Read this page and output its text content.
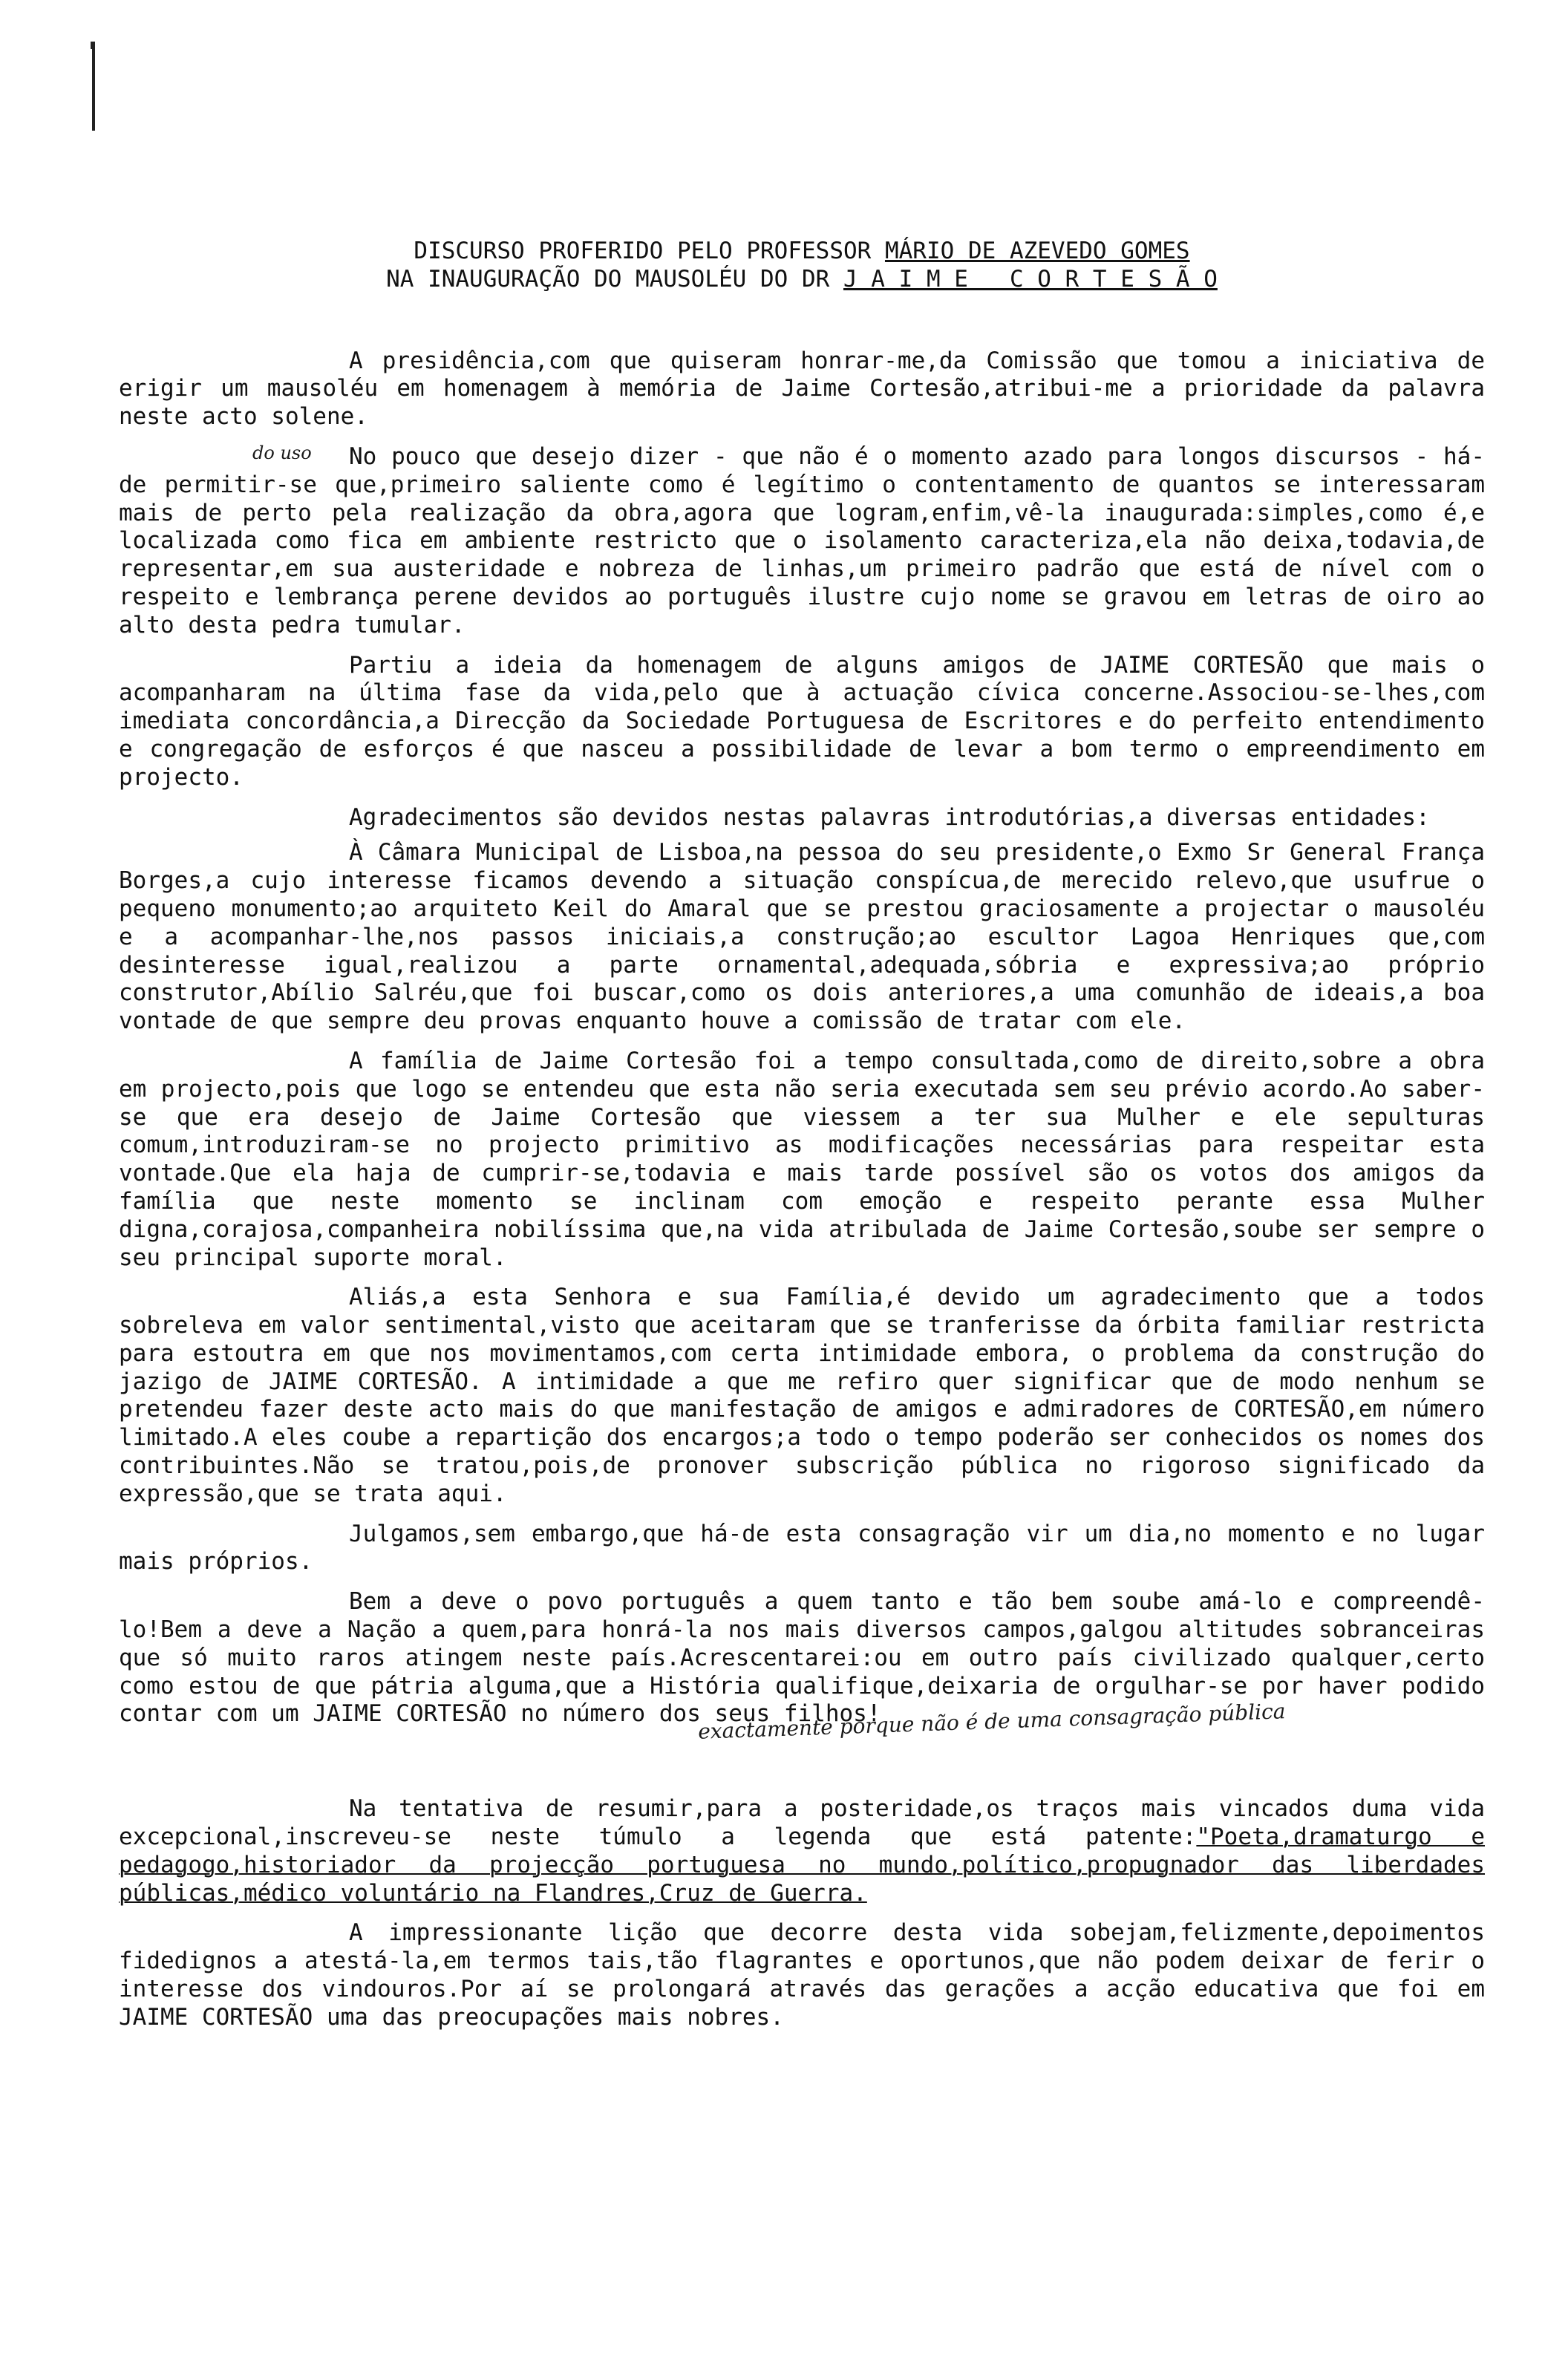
DISCURSO PROFERIDO PELO PROFESSOR MÁRIO DE AZEVEDO GOMES
NA INAUGURAÇÃO DO MAUSOLÉU DO DR J A I M E   C O R T E S Ã O

A presidência,com que quiseram honrar-me,da Comissão que tomou a iniciativa de erigir um mausoléu em homenagem à memória de Jaime Cortesão,atribui-me a prioridade da palavra neste acto solene.

No pouco que desejo dizer - que não é o momento azado para longos discursos - há-de permitir-se que,primeiro saliente como é legítimo o contentamento de quantos se interessaram mais de perto pela realização da obra,agora que logram,enfim,vê-la inaugurada:simples,como é,e localizada como fica em ambiente restricto que o isolamento caracteriza,ela não deixa,todavia,de representar,em sua austeridade e nobreza de linhas,um primeiro padrão que está de nível com o respeito e lembrança perene devidos ao português ilustre cujo nome se gravou em letras de oiro ao alto desta pedra tumular.

Partiu a ideia da homenagem de alguns amigos de JAIME CORTESÃO que mais o acompanharam na última fase da vida,pelo que à actuação cívica concerne.Associou-se-lhes,com imediata concordância,a Direcção da Sociedade Portuguesa de Escritores e do perfeito entendimento e congregação de esforços é que nasceu a possibilidade de levar a bom termo o empreendimento em projecto.

Agradecimentos são devidos nestas palavras introdutórias,a diversas entidades:

À Câmara Municipal de Lisboa,na pessoa do seu presidente,o Exmo Sr General França Borges,a cujo interesse ficamos devendo a situação conspícua,de merecido relevo,que usufrue o pequeno monumento;ao arquiteto Keil do Amaral que se prestou graciosamente a projectar o mausoléu e a acompanhar-lhe,nos passos iniciais,a construção;ao escultor Lagoa Henriques que,com desinteresse igual,realizou a parte ornamental,adequada,sóbria e expressiva;ao próprio construtor,Abílio Salréu,que foi buscar,como os dois anteriores,a uma comunhão de ideais,a boa vontade de que sempre deu provas enquanto houve a comissão de tratar com ele.

A família de Jaime Cortesão foi a tempo consultada,como de direito,sobre a obra em projecto,pois que logo se entendeu que esta não seria executada sem seu prévio acordo.Ao saber-se que era desejo de Jaime Cortesão que viessem a ter sua Mulher e ele sepulturas comum,introduziram-se no projecto primitivo as modificações necessárias para respeitar esta vontade.Que ela haja de cumprir-se,todavia e mais tarde possível são os votos dos amigos da família que neste momento se inclinam com emoção e respeito perante essa Mulher digna,corajosa,companheira nobilíssima que,na vida atribulada de Jaime Cortesão,soube ser sempre o seu principal suporte moral.

Aliás,a esta Senhora e sua Família,é devido um agradecimento que a todos sobreleva em valor sentimental,visto que aceitaram que se tranferisse da órbita familiar restricta para estoutra em que nos movimentamos,com certa intimidade embora, o problema da construção do jazigo de JAIME CORTESÃO. A intimidade a que me refiro quer significar que de modo nenhum se pretendeu fazer deste acto mais do que manifestação de amigos e admiradores de CORTESÃO,em número limitado.A eles coube a repartição dos encargos;a todo o tempo poderão ser conhecidos os nomes dos contribuintes.Não se tratou,pois,de pronover subscrição pública no rigoroso significado da expressão,que se trata aqui.

Julgamos,sem embargo,que há-de esta consagração vir um dia,no momento e no lugar mais próprios.

Bem a deve o povo português a quem tanto e tão bem soube amá-lo e compreendê-lo!Bem a deve a Nação a quem,para honrá-la nos mais diversos campos,galgou altitudes sobranceiras que só muito raros atingem neste país.Acrescentarei:ou em outro país civilizado qualquer,certo como estou de que pátria alguma,que a História qualifique,deixaria de orgulhar-se por haver podido contar com um JAIME CORTESÃO no número dos seus filhos!

Na tentativa de resumir,para a posteridade,os traços mais vincados duma vida excepcional,inscreveu-se neste túmulo a legenda que está patente:"Poeta,dramaturgo e pedagogo,historiador da projecção portuguesa no mundo,político,propugnador das liberdades públicas,médico voluntário na Flandres,Cruz de Guerra.

A impressionante lição que decorre desta vida sobejam,felizmente,depoimentos fidedignos a atestá-la,em termos tais,tão flagrantes e oportunos,que não podem deixar de ferir o interesse dos vindouros.Por aí se prolongará através das gerações a acção educativa que foi em JAIME CORTESÃO uma das preocupações mais nobres.

exactamente porque não é de uma consagração pública
do uso
